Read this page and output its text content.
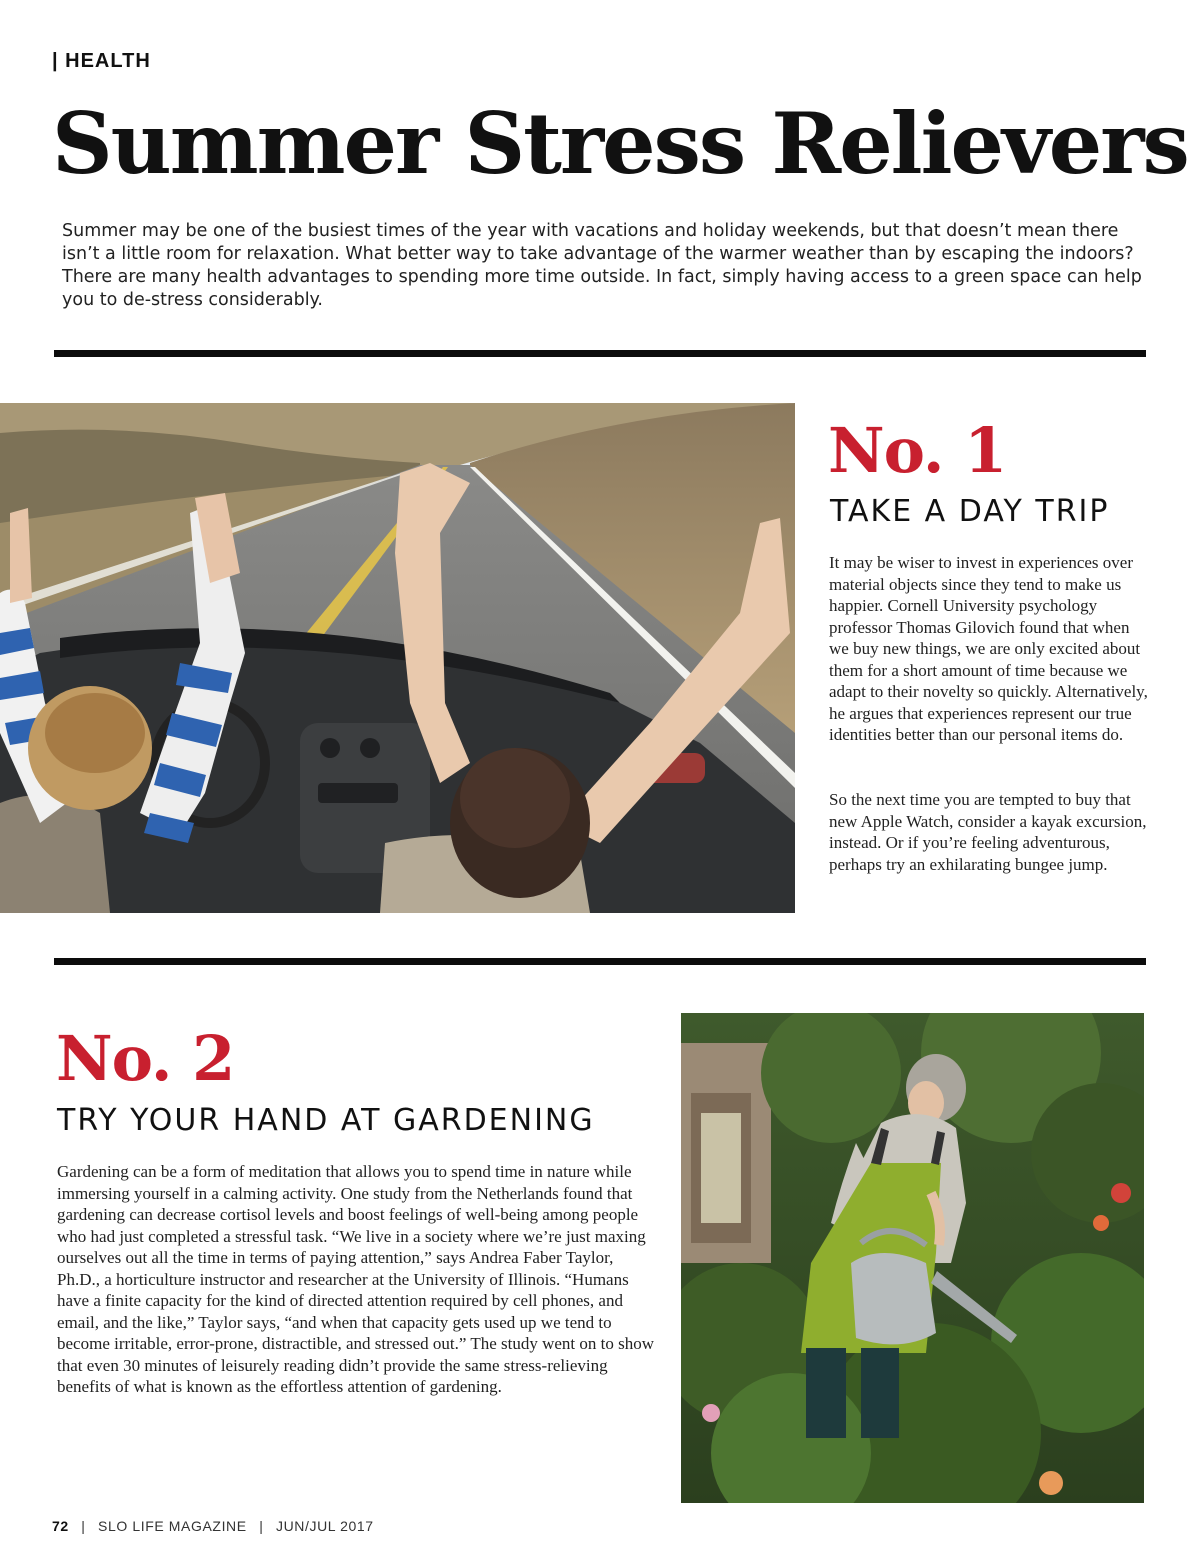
| HEALTH
Summer Stress Relievers

Summer may be one of the busiest times of the year with vacations and holiday weekends, but that doesn’t mean there isn’t a little room for relaxation. What better way to take advantage of the warmer weather than by escaping the indoors? There are many health advantages to spending more time outside. In fact, simply having access to a green space can help you to de-stress considerably.

No. 1
TAKE A DAY TRIP

It may be wiser to invest in experiences over material objects since they tend to make us happier. Cornell University psychology professor Thomas Gilovich found that when we buy new things, we are only excited about them for a short amount of time because we adapt to their novelty so quickly. Alternatively, he argues that experiences represent our true identities better than our personal items do.

So the next time you are tempted to buy that new Apple Watch, consider a kayak excursion, instead. Or if you’re feeling adventurous, perhaps try an exhilarating bungee jump.

No. 2
TRY YOUR HAND AT GARDENING

Gardening can be a form of meditation that allows you to spend time in nature while immersing yourself in a calming activity. One study from the Netherlands found that gardening can decrease cortisol levels and boost feelings of well-being among people who had just completed a stressful task. “We live in a society where we’re just maxing ourselves out all the time in terms of paying attention,” says Andrea Faber Taylor, Ph.D., a horticulture instructor and researcher at the University of Illinois. “Humans have a finite capacity for the kind of directed attention required by cell phones, and email, and the like,” Taylor says, “and when that capacity gets used up we tend to become irritable, error-prone, distractible, and stressed out.” The study went on to show that even 30 minutes of leisurely reading didn’t provide the same stress-relieving benefits of what is known as the effortless attention of gardening.

72 | SLO LIFE MAGAZINE | JUN/JUL 2017
